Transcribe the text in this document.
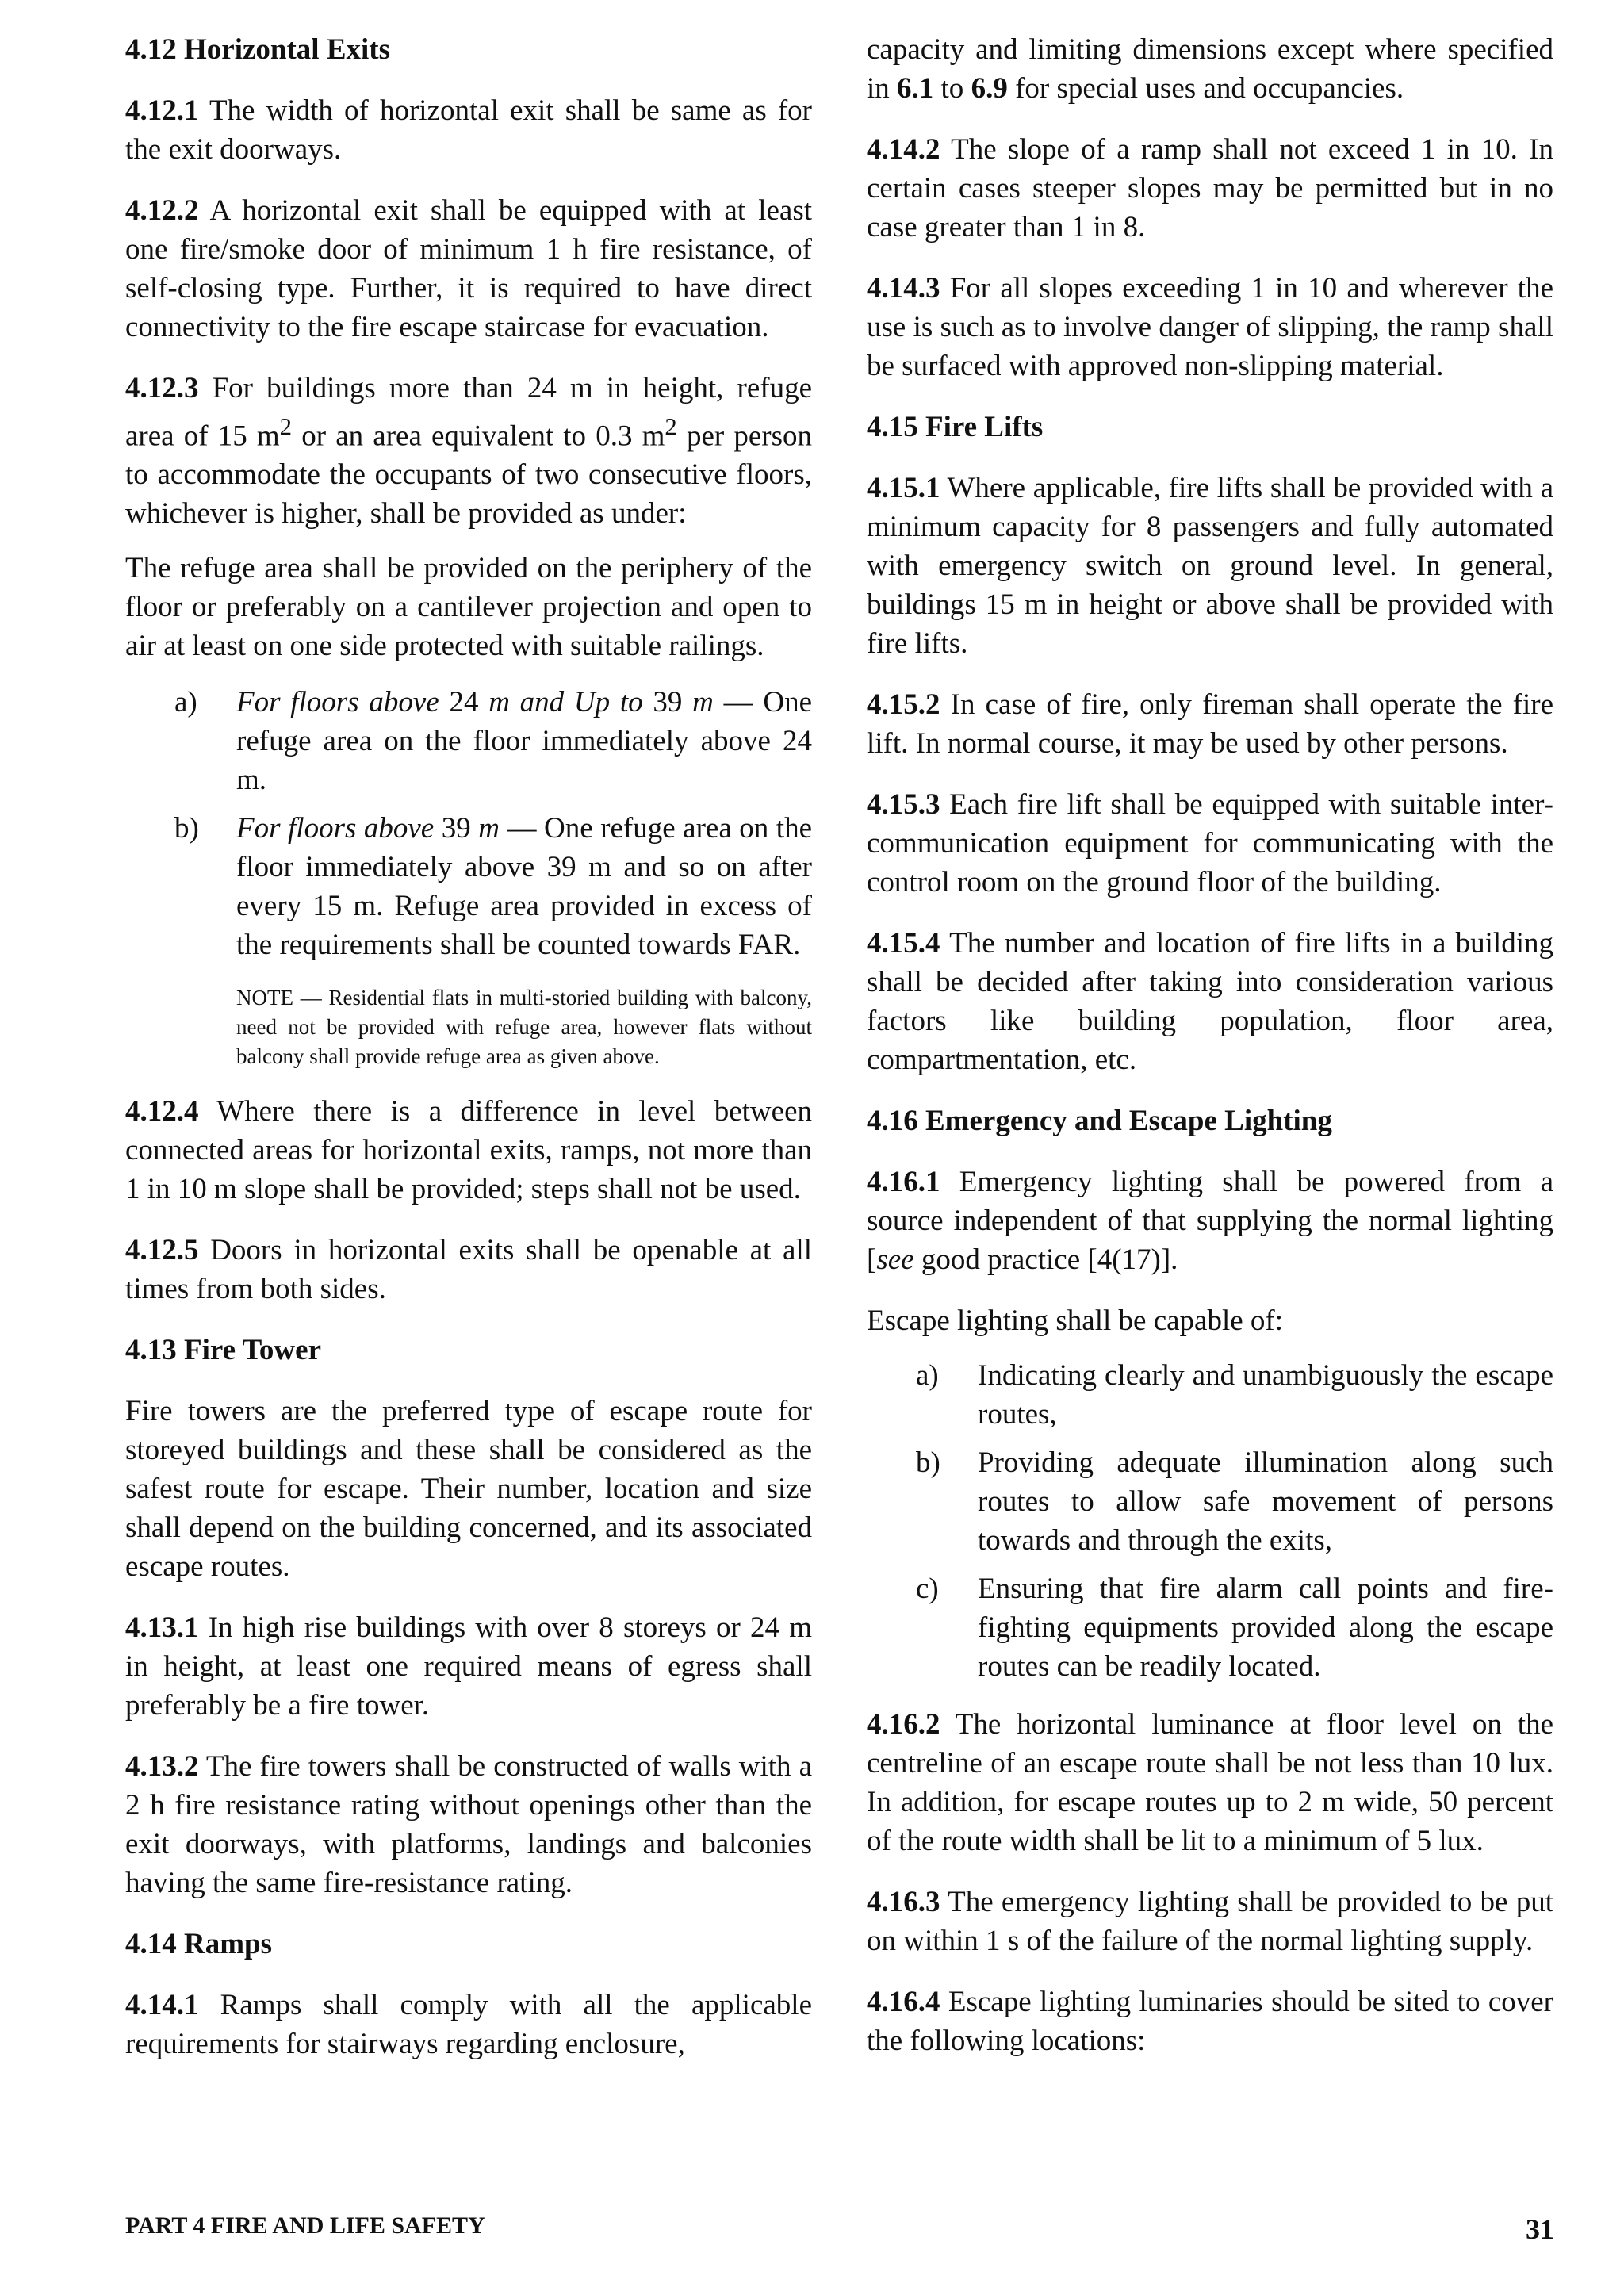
4.12 Horizontal Exits

4.12.1 The width of horizontal exit shall be same as for the exit doorways.

4.12.2 A horizontal exit shall be equipped with at least one fire/smoke door of minimum 1 h fire resistance, of self-closing type. Further, it is required to have direct connectivity to the fire escape staircase for evacuation.

4.12.3 For buildings more than 24 m in height, refuge area of 15 $m^2$ or an area equivalent to 0.3 $m^2$ per person to accommodate the occupants of two consecutive floors, whichever is higher, shall be provided as under:

The refuge area shall be provided on the periphery of the floor or preferably on a cantilever projection and open to air at least on one side protected with suitable railings.

a) For floors above 24 m and Up to 39 m — One refuge area on the floor immediately above 24 m.
b) For floors above 39 m — One refuge area on the floor immediately above 39 m and so on after every 15 m. Refuge area provided in excess of the requirements shall be counted towards FAR.

NOTE — Residential flats in multi-storied building with balcony, need not be provided with refuge area, however flats without balcony shall provide refuge area as given above.

4.12.4 Where there is a difference in level between connected areas for horizontal exits, ramps, not more than 1 in 10 m slope shall be provided; steps shall not be used.

4.12.5 Doors in horizontal exits shall be openable at all times from both sides.

4.13 Fire Tower

Fire towers are the preferred type of escape route for storeyed buildings and these shall be considered as the safest route for escape. Their number, location and size shall depend on the building concerned, and its associated escape routes.

4.13.1 In high rise buildings with over 8 storeys or 24 m in height, at least one required means of egress shall preferably be a fire tower.

4.13.2 The fire towers shall be constructed of walls with a 2 h fire resistance rating without openings other than the exit doorways, with platforms, landings and balconies having the same fire-resistance rating.

4.14 Ramps

4.14.1 Ramps shall comply with all the applicable requirements for stairways regarding enclosure,

capacity and limiting dimensions except where specified in 6.1 to 6.9 for special uses and occupancies.

4.14.2 The slope of a ramp shall not exceed 1 in 10. In certain cases steeper slopes may be permitted but in no case greater than 1 in 8.

4.14.3 For all slopes exceeding 1 in 10 and wherever the use is such as to involve danger of slipping, the ramp shall be surfaced with approved non-slipping material.

4.15 Fire Lifts

4.15.1 Where applicable, fire lifts shall be provided with a minimum capacity for 8 passengers and fully automated with emergency switch on ground level. In general, buildings 15 m in height or above shall be provided with fire lifts.

4.15.2 In case of fire, only fireman shall operate the fire lift. In normal course, it may be used by other persons.

4.15.3 Each fire lift shall be equipped with suitable inter-communication equipment for communicating with the control room on the ground floor of the building.

4.15.4 The number and location of fire lifts in a building shall be decided after taking into consideration various factors like building population, floor area, compartmentation, etc.

4.16 Emergency and Escape Lighting

4.16.1 Emergency lighting shall be powered from a source independent of that supplying the normal lighting [see good practice [4(17)].

Escape lighting shall be capable of:

a) Indicating clearly and unambiguously the escape routes,
b) Providing adequate illumination along such routes to allow safe movement of persons towards and through the exits,
c) Ensuring that fire alarm call points and fire-fighting equipments provided along the escape routes can be readily located.

4.16.2 The horizontal luminance at floor level on the centreline of an escape route shall be not less than 10 lux. In addition, for escape routes up to 2 m wide, 50 percent of the route width shall be lit to a minimum of 5 lux.

4.16.3 The emergency lighting shall be provided to be put on within 1 s of the failure of the normal lighting supply.

4.16.4 Escape lighting luminaries should be sited to cover the following locations:

PART 4 FIRE AND LIFE SAFETY	31
